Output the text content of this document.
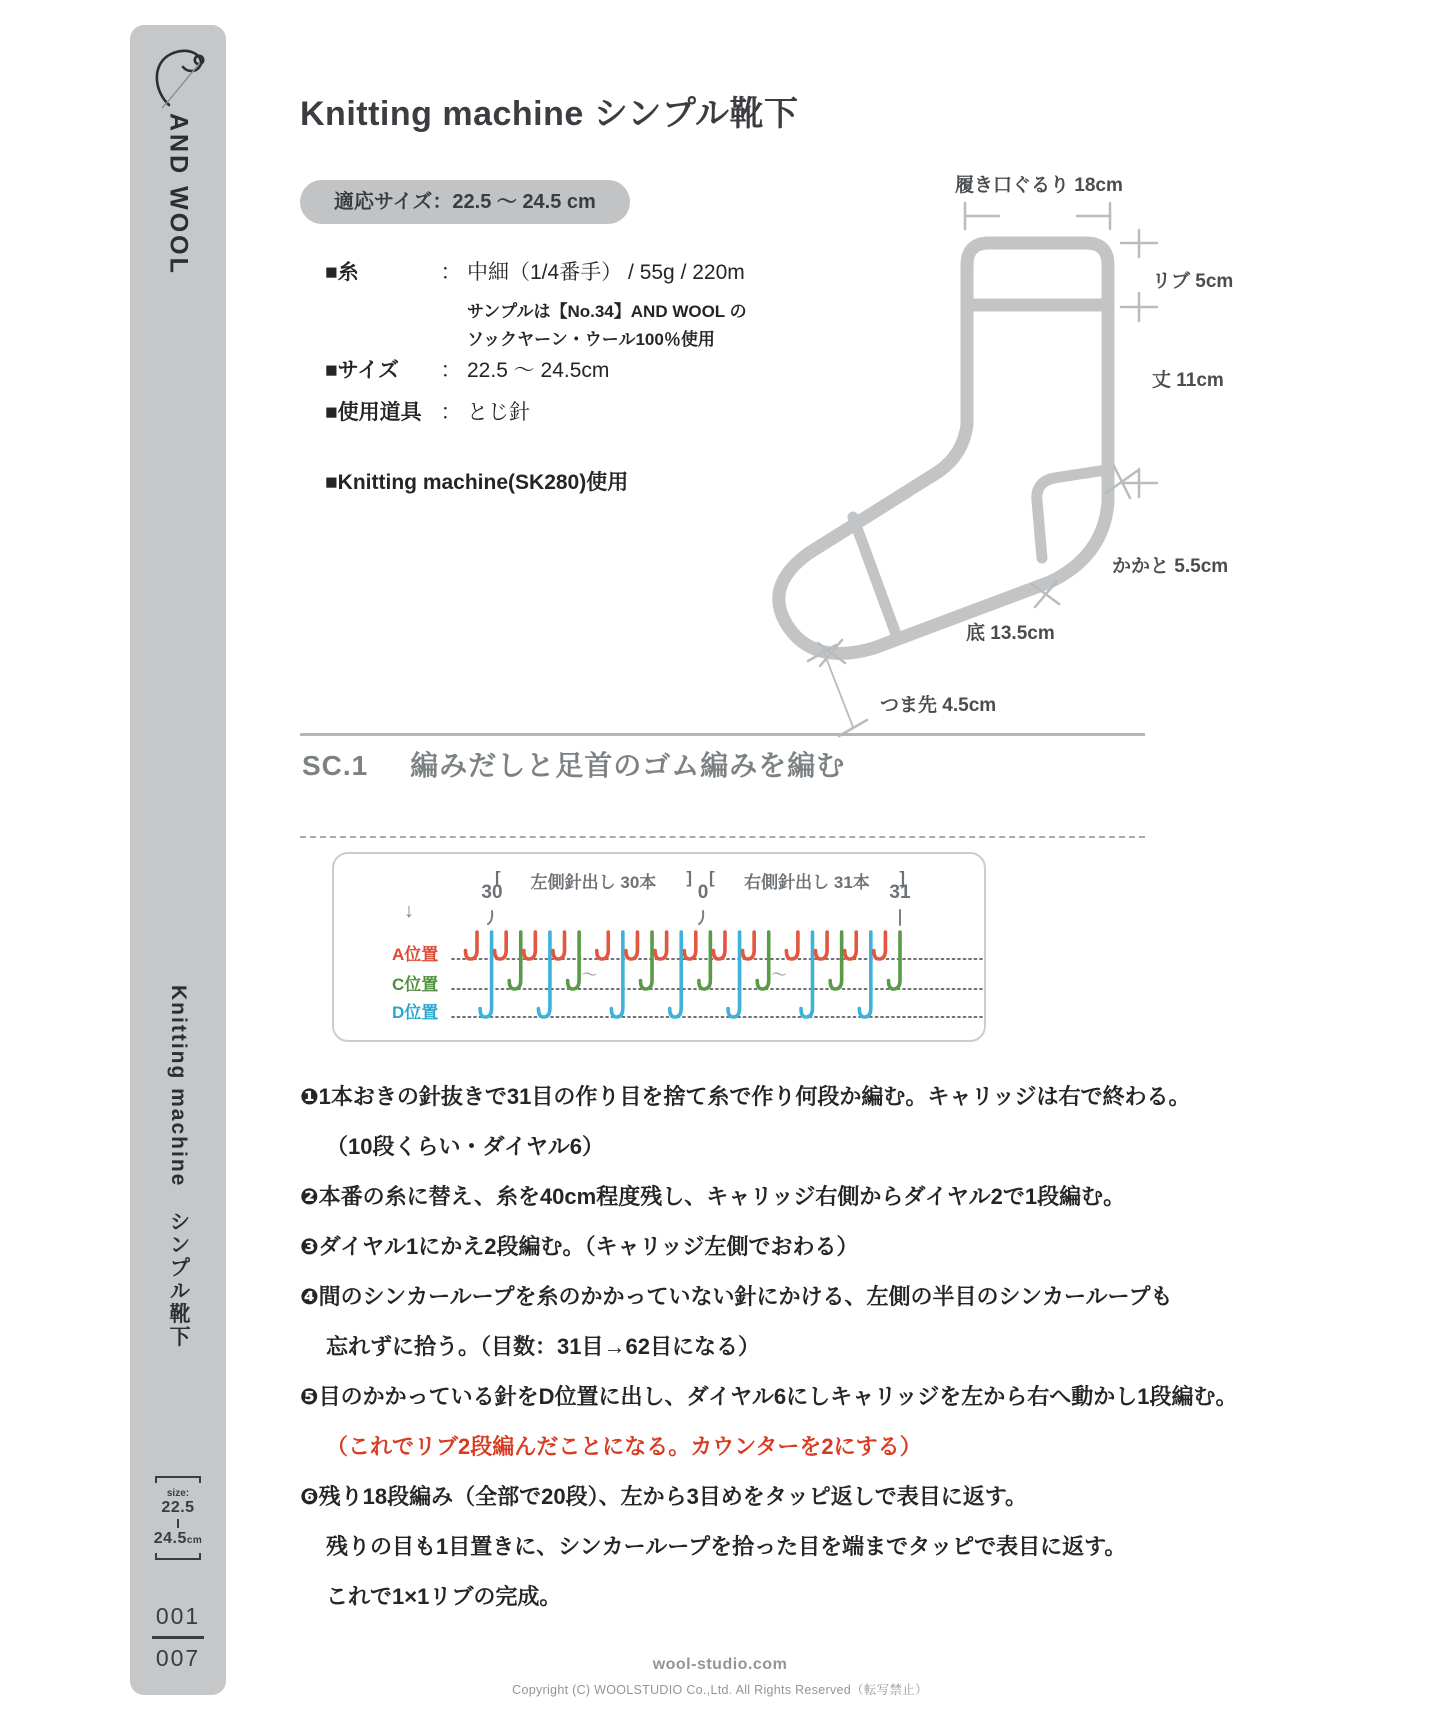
AND WOOL
Knitting machine　シンプル靴下
size:
22.5
24.5cm
001
007
Knitting machine シンプル靴下
適応サイズ：22.5 ～ 24.5 cm
■糸	： 中細（1/4番手） / 55g / 220m
サンプルは【No.34】AND WOOL の
ソックヤーン・ウール100％使用
■サイズ	： 22.5 ～ 24.5cm
■使用道具 ： とじ針
■Knitting machine(SK280)使用
履き口ぐるり 18cm
リブ 5cm
丈 11cm
かかと 5.5cm
底 13.5cm
つま先 4.5cm
SC.1 編みだしと足首のゴム編みを編む
〜	〜
[ 左側針出し 30本 ] [ 右側針出し 31本 ]
30	0	31
↓
A位置
C位置
D位置
❶1本おきの針抜きで31目の作り目を捨て糸で作り何段か編む。キャリッジは右で終わる。
（10段くらい・ダイヤル6）
❷本番の糸に替え、糸を40cm程度残し、キャリッジ右側からダイヤル2で1段編む。
❸ダイヤル1にかえ2段編む。（キャリッジ左側でおわる）
❹間のシンカーループを糸のかかっていない針にかける、左側の半目のシンカーループも
忘れずに拾う。（目数：31目→62目になる）
❺目のかかっている針をD位置に出し、ダイヤル6にしキャリッジを左から右へ動かし1段編む。
（これでリブ2段編んだことになる。カウンターを2にする）
❻残り18段編み（全部で20段）、左から3目めをタッピ返しで表目に返す。
残りの目も1目置きに、シンカーループを拾った目を端までタッピで表目に返す。
これで1×1リブの完成。
wool-studio.com
Copyright (C) WOOLSTUDIO Co.,Ltd. All Rights Reserved（転写禁止）
